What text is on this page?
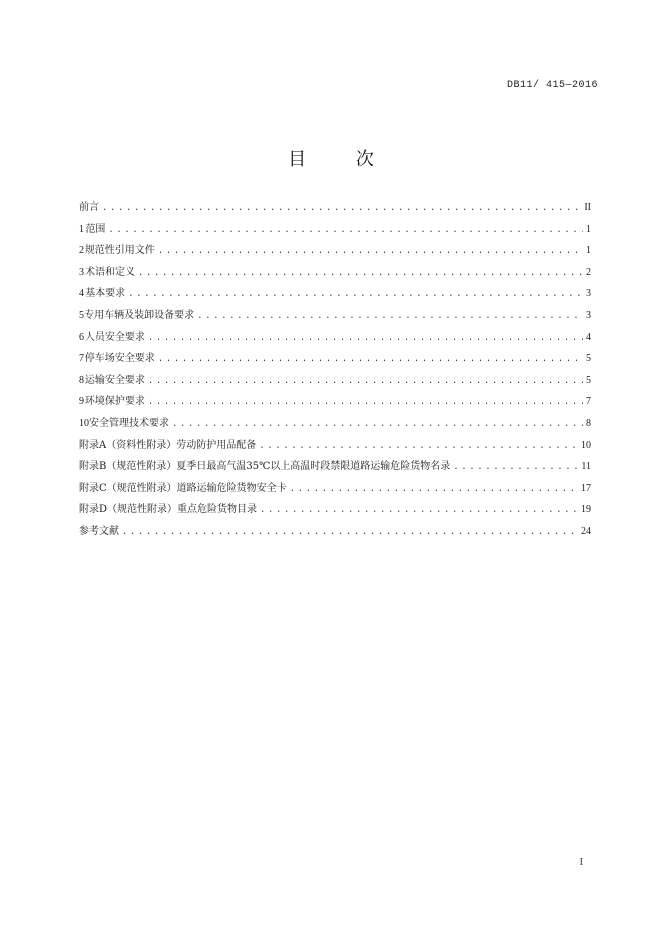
DB11/ 415—2016
目 次
前言 .....	II
1 范围 .....	1
2 规范性引用文件 .....	1
3 术语和定义 .....	2
4 基本要求 .....	3
5 专用车辆及装卸设备要求 .....	3
6 人员安全要求 .....	4
7 停车场安全要求 .....	5
8 运输安全要求 .....	5
9 环境保护要求 .....	7
10 安全管理技术要求 .....	8
附录A（资料性附录） 劳动防护用品配备 .....	10
附录B（规范性附录） 夏季日最高气温35℃以上高温时段禁限道路运输危险货物名录 .....	11
附录C（规范性附录） 道路运输危险货物安全卡 .....	17
附录D（规范性附录） 重点危险货物目录 .....	19
参考文献 .....	24
I
